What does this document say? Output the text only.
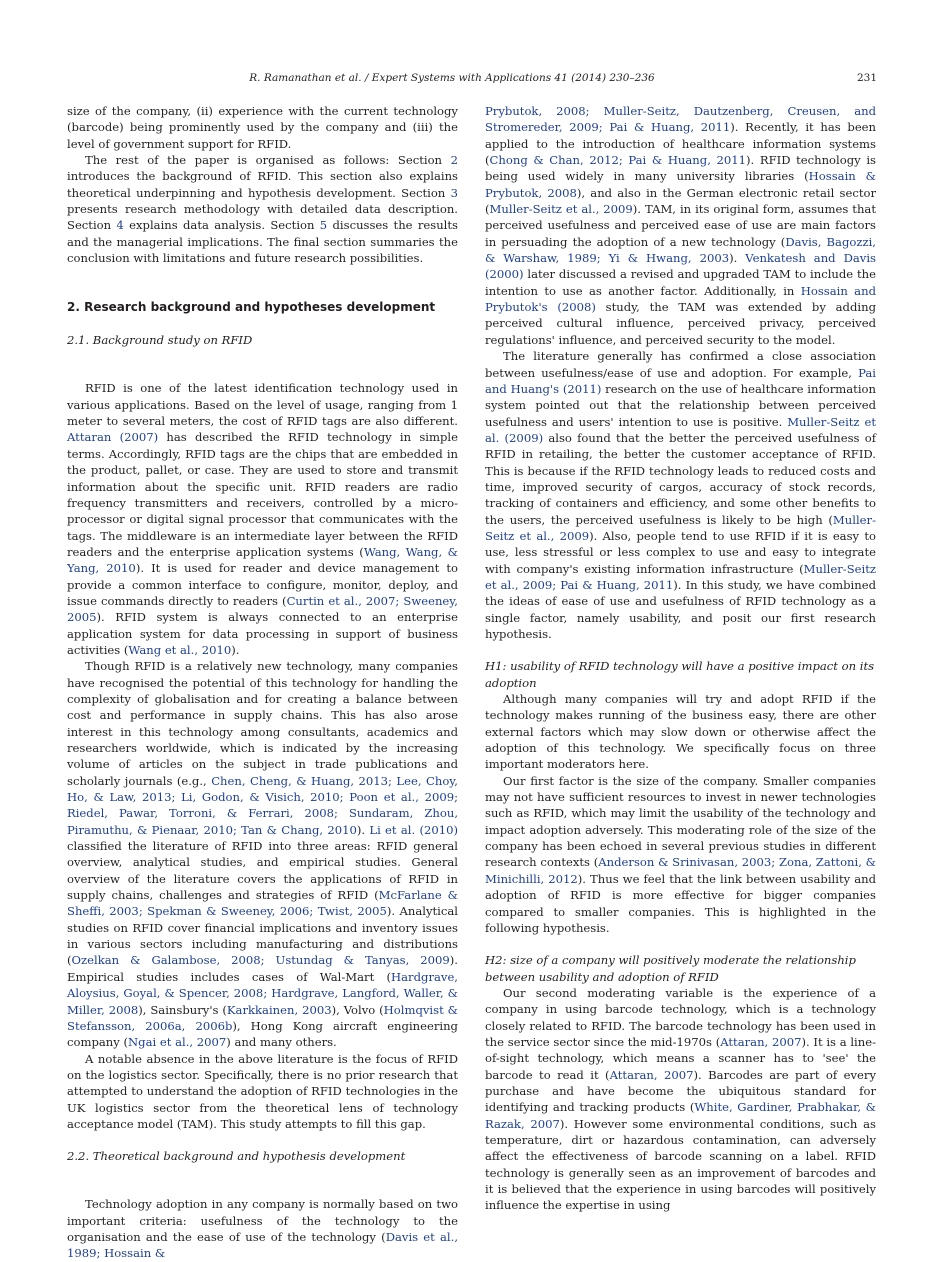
R. Ramanathan et al. / Expert Systems with Applications 41 (2014) 230–236	231

size of the company, (ii) experience with the current technology (barcode) being prominently used by the company and (iii) the level of government support for RFID.

The rest of the paper is organised as follows: Section 2 introduces the background of RFID. This section also explains theoretical underpinning and hypothesis development. Section 3 presents research methodology with detailed data description. Section 4 explains data analysis. Section 5 discusses the results and the managerial implications. The final section summaries the conclusion with limitations and future research possibilities.

2. Research background and hypotheses development
2.1. Background study on RFID

RFID is one of the latest identification technology used in various applications. Based on the level of usage, ranging from 1 meter to several meters, the cost of RFID tags are also different. Attaran (2007) has described the RFID technology in simple terms. Accordingly, RFID tags are the chips that are embedded in the product, pallet, or case. They are used to store and transmit information about the specific unit. RFID readers are radio frequency transmitters and receivers, controlled by a micro-processor or digital signal processor that communicates with the tags. The middleware is an intermediate layer between the RFID readers and the enterprise application systems (Wang, Wang, & Yang, 2010). It is used for reader and device management to provide a common interface to configure, monitor, deploy, and issue commands directly to readers (Curtin et al., 2007; Sweeney, 2005). RFID system is always connected to an enterprise application system for data processing in support of business activities (Wang et al., 2010).

Though RFID is a relatively new technology, many companies have recognised the potential of this technology for handling the complexity of globalisation and for creating a balance between cost and performance in supply chains. This has also arose interest in this technology among consultants, academics and researchers worldwide, which is indicated by the increasing volume of articles on the subject in trade publications and scholarly journals (e.g., Chen, Cheng, & Huang, 2013; Lee, Choy, Ho, & Law, 2013; Li, Godon, & Visich, 2010; Poon et al., 2009; Riedel, Pawar, Torroni, & Ferrari, 2008; Sundaram, Zhou, Piramuthu, & Pienaar, 2010; Tan & Chang, 2010). Li et al. (2010) classified the literature of RFID into three areas: RFID general overview, analytical studies, and empirical studies. General overview of the literature covers the applications of RFID in supply chains, challenges and strategies of RFID (McFarlane & Sheffi, 2003; Spekman & Sweeney, 2006; Twist, 2005). Analytical studies on RFID cover financial implications and inventory issues in various sectors including manufacturing and distributions (Ozelkan & Galambose, 2008; Ustundag & Tanyas, 2009). Empirical studies includes cases of Wal-Mart (Hardgrave, Aloysius, Goyal, & Spencer, 2008; Hardgrave, Langford, Waller, & Miller, 2008), Sainsbury's (Karkkainen, 2003), Volvo (Holmqvist & Stefansson, 2006a, 2006b), Hong Kong aircraft engineering company (Ngai et al., 2007) and many others.

A notable absence in the above literature is the focus of RFID on the logistics sector. Specifically, there is no prior research that attempted to understand the adoption of RFID technologies in the UK logistics sector from the theoretical lens of technology acceptance model (TAM). This study attempts to fill this gap.

2.2. Theoretical background and hypothesis development

Technology adoption in any company is normally based on two important criteria: usefulness of the technology to the organisation and the ease of use of the technology (Davis et al., 1989; Hossain &

Prybutok, 2008; Muller-Seitz, Dautzenberg, Creusen, and Stromereder, 2009; Pai & Huang, 2011). Recently, it has been applied to the introduction of healthcare information systems (Chong & Chan, 2012; Pai & Huang, 2011). RFID technology is being used widely in many university libraries (Hossain & Prybutok, 2008), and also in the German electronic retail sector (Muller-Seitz et al., 2009). TAM, in its original form, assumes that perceived usefulness and perceived ease of use are main factors in persuading the adoption of a new technology (Davis, Bagozzi, & Warshaw, 1989; Yi & Hwang, 2003). Venkatesh and Davis (2000) later discussed a revised and upgraded TAM to include the intention to use as another factor. Additionally, in Hossain and Prybutok's (2008) study, the TAM was extended by adding perceived cultural influence, perceived privacy, perceived regulations' influence, and perceived security to the model.

The literature generally has confirmed a close association between usefulness/ease of use and adoption. For example, Pai and Huang's (2011) research on the use of healthcare information system pointed out that the relationship between perceived usefulness and users' intention to use is positive. Muller-Seitz et al. (2009) also found that the better the perceived usefulness of RFID in retailing, the better the customer acceptance of RFID. This is because if the RFID technology leads to reduced costs and time, improved security of cargos, accuracy of stock records, tracking of containers and efficiency, and some other benefits to the users, the perceived usefulness is likely to be high (Muller-Seitz et al., 2009). Also, people tend to use RFID if it is easy to use, less stressful or less complex to use and easy to integrate with company's existing information infrastructure (Muller-Seitz et al., 2009; Pai & Huang, 2011). In this study, we have combined the ideas of ease of use and usefulness of RFID technology as a single factor, namely usability, and posit our first research hypothesis.

H1: usability of RFID technology will have a positive impact on its adoption

Although many companies will try and adopt RFID if the technology makes running of the business easy, there are other external factors which may slow down or otherwise affect the adoption of this technology. We specifically focus on three important moderators here.

Our first factor is the size of the company. Smaller companies may not have sufficient resources to invest in newer technologies such as RFID, which may limit the usability of the technology and impact adoption adversely. This moderating role of the size of the company has been echoed in several previous studies in different research contexts (Anderson & Srinivasan, 2003; Zona, Zattoni, & Minichilli, 2012). Thus we feel that the link between usability and adoption of RFID is more effective for bigger companies compared to smaller companies. This is highlighted in the following hypothesis.

H2: size of a company will positively moderate the relationship between usability and adoption of RFID

Our second moderating variable is the experience of a company in using barcode technology, which is a technology closely related to RFID. The barcode technology has been used in the service sector since the mid-1970s (Attaran, 2007). It is a line-of-sight technology, which means a scanner has to 'see' the barcode to read it (Attaran, 2007). Barcodes are part of every purchase and have become the ubiquitous standard for identifying and tracking products (White, Gardiner, Prabhakar, & Razak, 2007). However some environmental conditions, such as temperature, dirt or hazardous contamination, can adversely affect the effectiveness of barcode scanning on a label. RFID technology is generally seen as an improvement of barcodes and it is believed that the experience in using barcodes will positively influence the expertise in using
